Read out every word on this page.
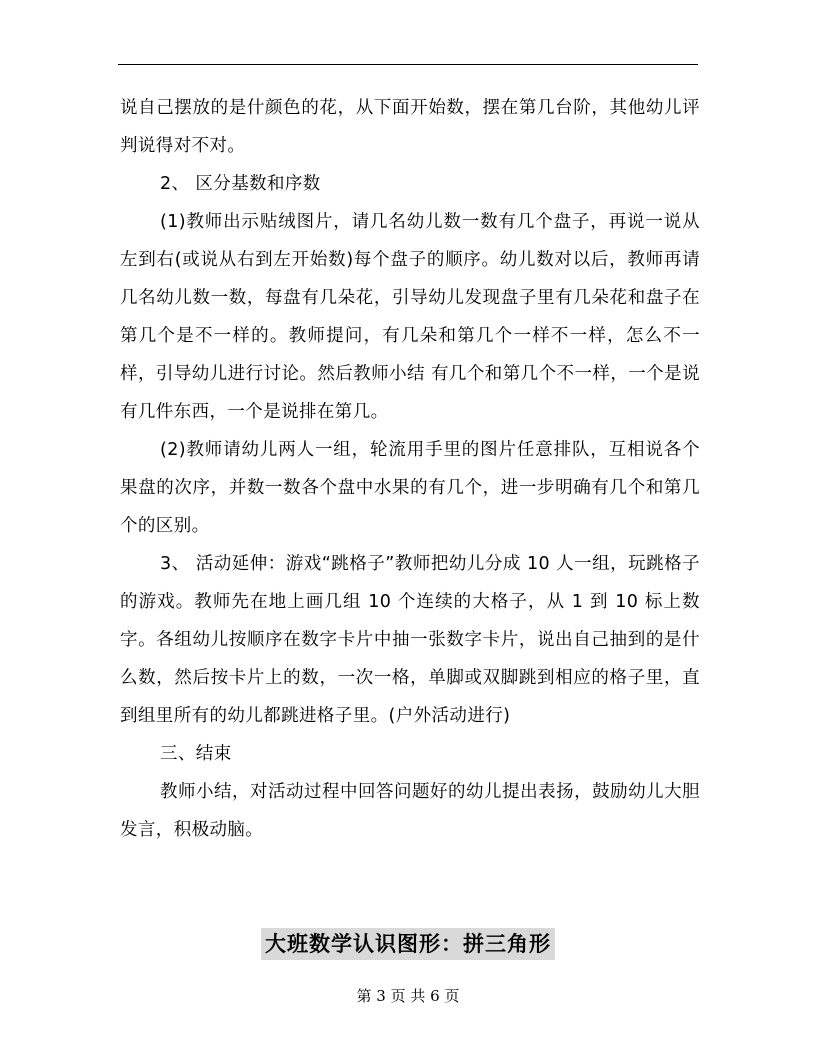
说自己摆放的是什颜色的花，从下面开始数，摆在第几台阶，其他幼儿评判说得对不对。

2、 区分基数和序数

(1)教师出示贴绒图片，请几名幼儿数一数有几个盘子，再说一说从左到右(或说从右到左开始数)每个盘子的顺序。幼儿数对以后，教师再请几名幼儿数一数，每盘有几朵花，引导幼儿发现盘子里有几朵花和盘子在第几个是不一样的。教师提问，有几朵和第几个一样不一样，怎么不一样，引导幼儿进行讨论。然后教师小结 有几个和第几个不一样，一个是说有几件东西，一个是说排在第几。

(2)教师请幼儿两人一组，轮流用手里的图片任意排队，互相说各个果盘的次序，并数一数各个盘中水果的有几个，进一步明确有几个和第几个的区别。

3、 活动延伸：游戏“跳格子”教师把幼儿分成 10 人一组，玩跳格子的游戏。教师先在地上画几组 10 个连续的大格子，从 1 到 10 标上数字。各组幼儿按顺序在数字卡片中抽一张数字卡片，说出自己抽到的是什么数，然后按卡片上的数，一次一格，单脚或双脚跳到相应的格子里，直到组里所有的幼儿都跳进格子里。(户外活动进行)

三、结束

教师小结，对活动过程中回答问题好的幼儿提出表扬，鼓励幼儿大胆发言，积极动脑。

大班数学认识图形：拼三角形
第 3 页 共 6 页
